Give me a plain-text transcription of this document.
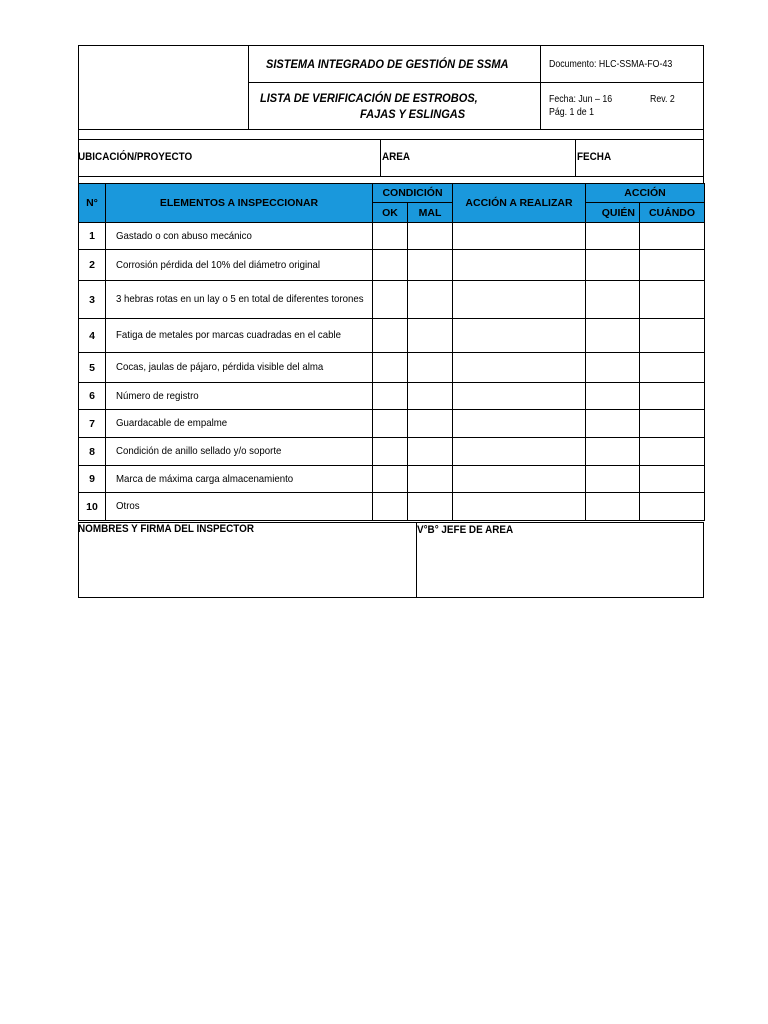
SISTEMA INTEGRADO DE GESTIÓN DE SSMA
LISTA DE VERIFICACIÓN DE ESTROBOS,
FAJAS Y ESLINGAS
Documento: HLC-SSMA-FO-43
Fecha: Jun – 16	Rev. 2
Pág. 1 de 1
UBICACIÓN/PROYECTO	AREA	FECHA
N°	ELEMENTOS A INSPECCIONAR	CONDICIÓN		ACCIÓN A REALIZAR	ACCIÓN	
		OK	MAL		QUIÉN	CUÁNDO
1	Gastado o con abuso mecánico					
2	Corrosión pérdida del 10% del diámetro original					
3	3 hebras rotas en un lay o 5 en total de diferentes torones					
4	Fatiga de metales por marcas cuadradas en el cable					
5	Cocas, jaulas de pájaro, pérdida visible del alma					
6	Número de registro					
7	Guardacable de empalme					
8	Condición de anillo sellado y/o soporte					
9	Marca de máxima carga almacenamiento					
10	Otros					
NOMBRES Y FIRMA DEL INSPECTOR	V°B° JEFE DE AREA
